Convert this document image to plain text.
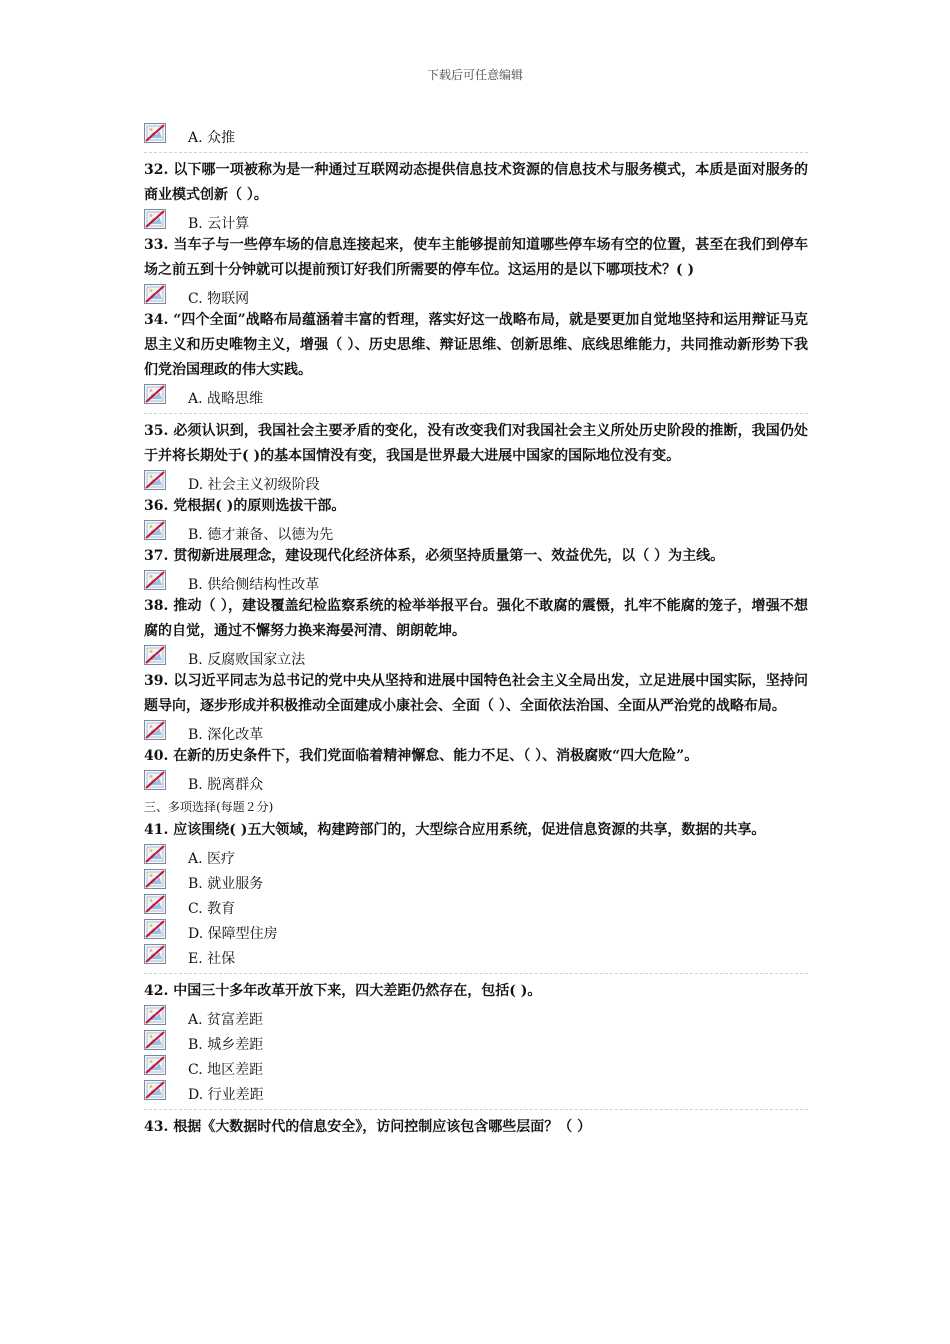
下载后可任意编辑
A. 众推
32. 以下哪一项被称为是一种通过互联网动态提供信息技术资源的信息技术与服务模式，本质是面对服务的商业模式创新（ ）。
B. 云计算
33. 当车子与一些停车场的信息连接起来，使车主能够提前知道哪些停车场有空的位置，甚至在我们到停车场之前五到十分钟就可以提前预订好我们所需要的停车位。这运用的是以下哪项技术？( )
C. 物联网
34. “四个全面”战略布局蕴涵着丰富的哲理，落实好这一战略布局，就是要更加自觉地坚持和运用辩证马克思主义和历史唯物主义，增强（ ）、历史思维、辩证思维、创新思维、底线思维能力，共同推动新形势下我们党治国理政的伟大实践。
A. 战略思维
35. 必须认识到，我国社会主要矛盾的变化，没有改变我们对我国社会主义所处历史阶段的推断，我国仍处于并将长期处于( )的基本国情没有变，我国是世界最大进展中国家的国际地位没有变。
D. 社会主义初级阶段
36. 党根据( )的原则选拔干部。
B. 德才兼备、以德为先
37. 贯彻新进展理念，建设现代化经济体系，必须坚持质量第一、效益优先，以（ ）为主线。
B. 供给侧结构性改革
38. 推动（ ），建设覆盖纪检监察系统的检举举报平台。强化不敢腐的震慑，扎牢不能腐的笼子，增强不想腐的自觉，通过不懈努力换来海晏河清、朗朗乾坤。
B. 反腐败国家立法
39. 以习近平同志为总书记的党中央从坚持和进展中国特色社会主义全局出发，立足进展中国实际，坚持问题导向，逐步形成并积极推动全面建成小康社会、全面（ ）、全面依法治国、全面从严治党的战略布局。
B. 深化改革
40. 在新的历史条件下，我们党面临着精神懈怠、能力不足、（ ）、消极腐败“四大危险”。
B. 脱离群众
三、多项选择(每题２分)
41. 应该围绕( )五大领域，构建跨部门的，大型综合应用系统，促进信息资源的共享，数据的共享。
A. 医疗
B. 就业服务
C. 教育
D. 保障型住房
E. 社保
42. 中国三十多年改革开放下来，四大差距仍然存在，包括( )。
A. 贫富差距
B. 城乡差距
C. 地区差距
D. 行业差距
43. 根据《大数据时代的信息安全》，访问控制应该包含哪些层面？（ ）
